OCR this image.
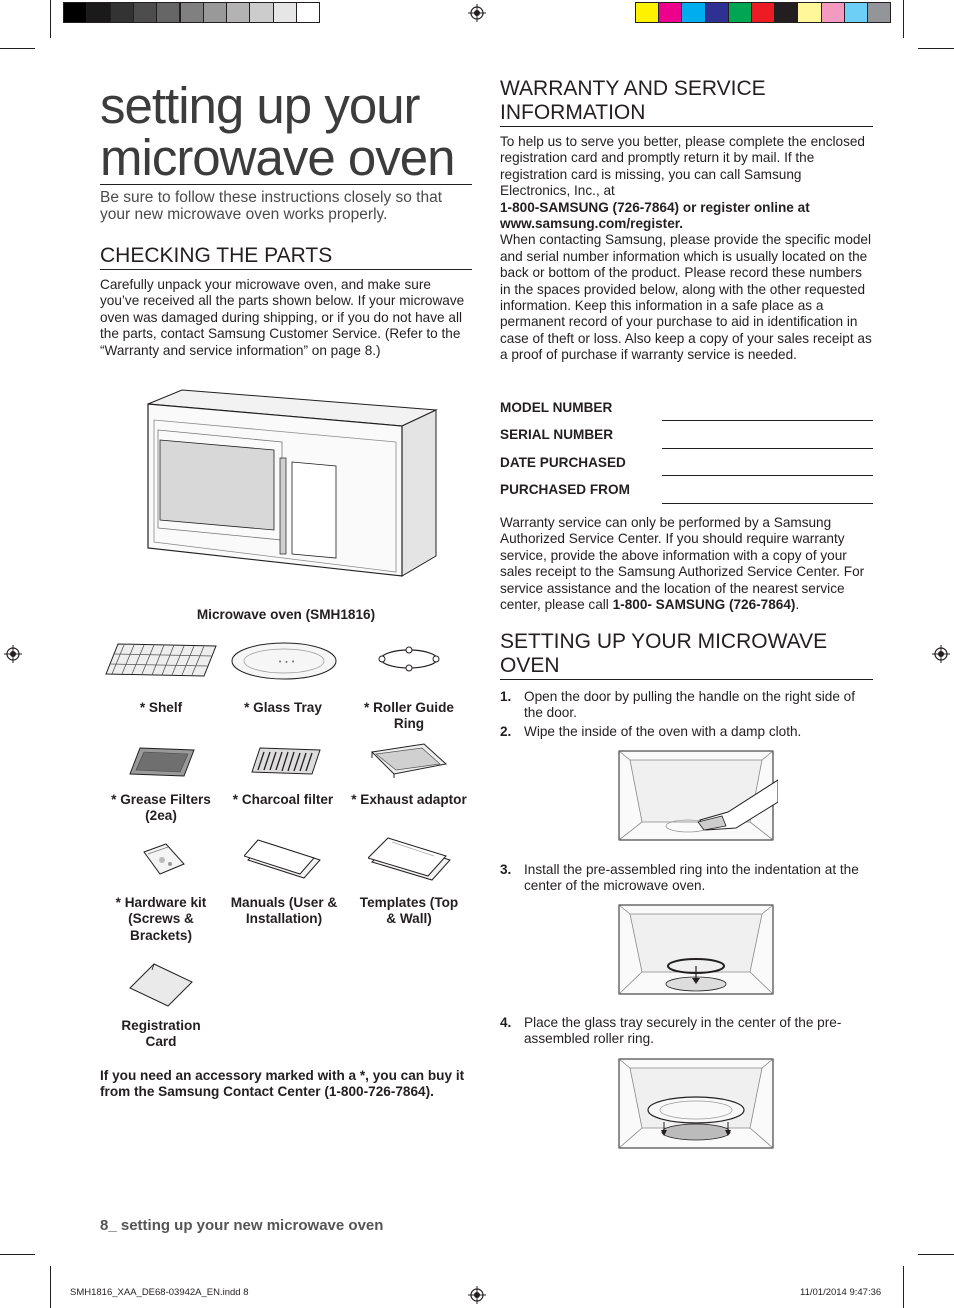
setting up your
microwave oven
Be sure to follow these instructions closely so that your new microwave oven works properly.
CHECKING THE PARTS
Carefully unpack your microwave oven, and make sure you’ve received all the parts shown below. If your microwave oven was damaged during shipping, or if you do not have all the parts, contact Samsung Customer Service. (Refer to the “Warranty and service information” on page 8.)
Microwave oven (SMH1816)
• ∙ •
* Shelf	* Glass Tray	* Roller Guide Ring
* Grease Filters (2ea)
* Charcoal filter	* Exhaust adaptor
* Hardware kit (Screws & Brackets)
Manuals (User & Installation)
Templates (Top & Wall)
Registration Card
If you need an accessory marked with a *, you can buy it from the Samsung Contact Center (1-800-726-7864).
8_ setting up your new microwave oven
WARRANTY AND SERVICE INFORMATION
To help us to serve you better, please complete the enclosed registration card and promptly return it by mail. If the registration card is missing, you can call Samsung Electronics, Inc., at
1-800-SAMSUNG (726-7864) or register online at www.samsung.com/register.
When contacting Samsung, please provide the specific model and serial number information which is usually located on the back or bottom of the product. Please record these numbers in the spaces provided below, along with the other requested information. Keep this information in a safe place as a permanent record of your purchase to aid in identification in case of theft or loss. Also keep a copy of your sales receipt as a proof of purchase if warranty service is needed.
MODEL NUMBER
SERIAL NUMBER
DATE PURCHASED
PURCHASED FROM
Warranty service can only be performed by a Samsung Authorized Service Center. If you should require warranty service, provide the above information with a copy of your sales receipt to the Samsung Authorized Service Center. For service assistance and the location of the nearest service center, please call 1-800- SAMSUNG (726-7864).
SETTING UP YOUR MICROWAVE OVEN
1. Open the door by pulling the handle on the right side of the door.
2. Wipe the inside of the oven with a damp cloth.
3. Install the pre-assembled ring into the indentation at the center of the microwave oven.
4. Place the glass tray securely in the center of the pre-assembled roller ring.
SMH1816_XAA_DE68-03942A_EN.indd 8	11/01/2014 9:47:36
